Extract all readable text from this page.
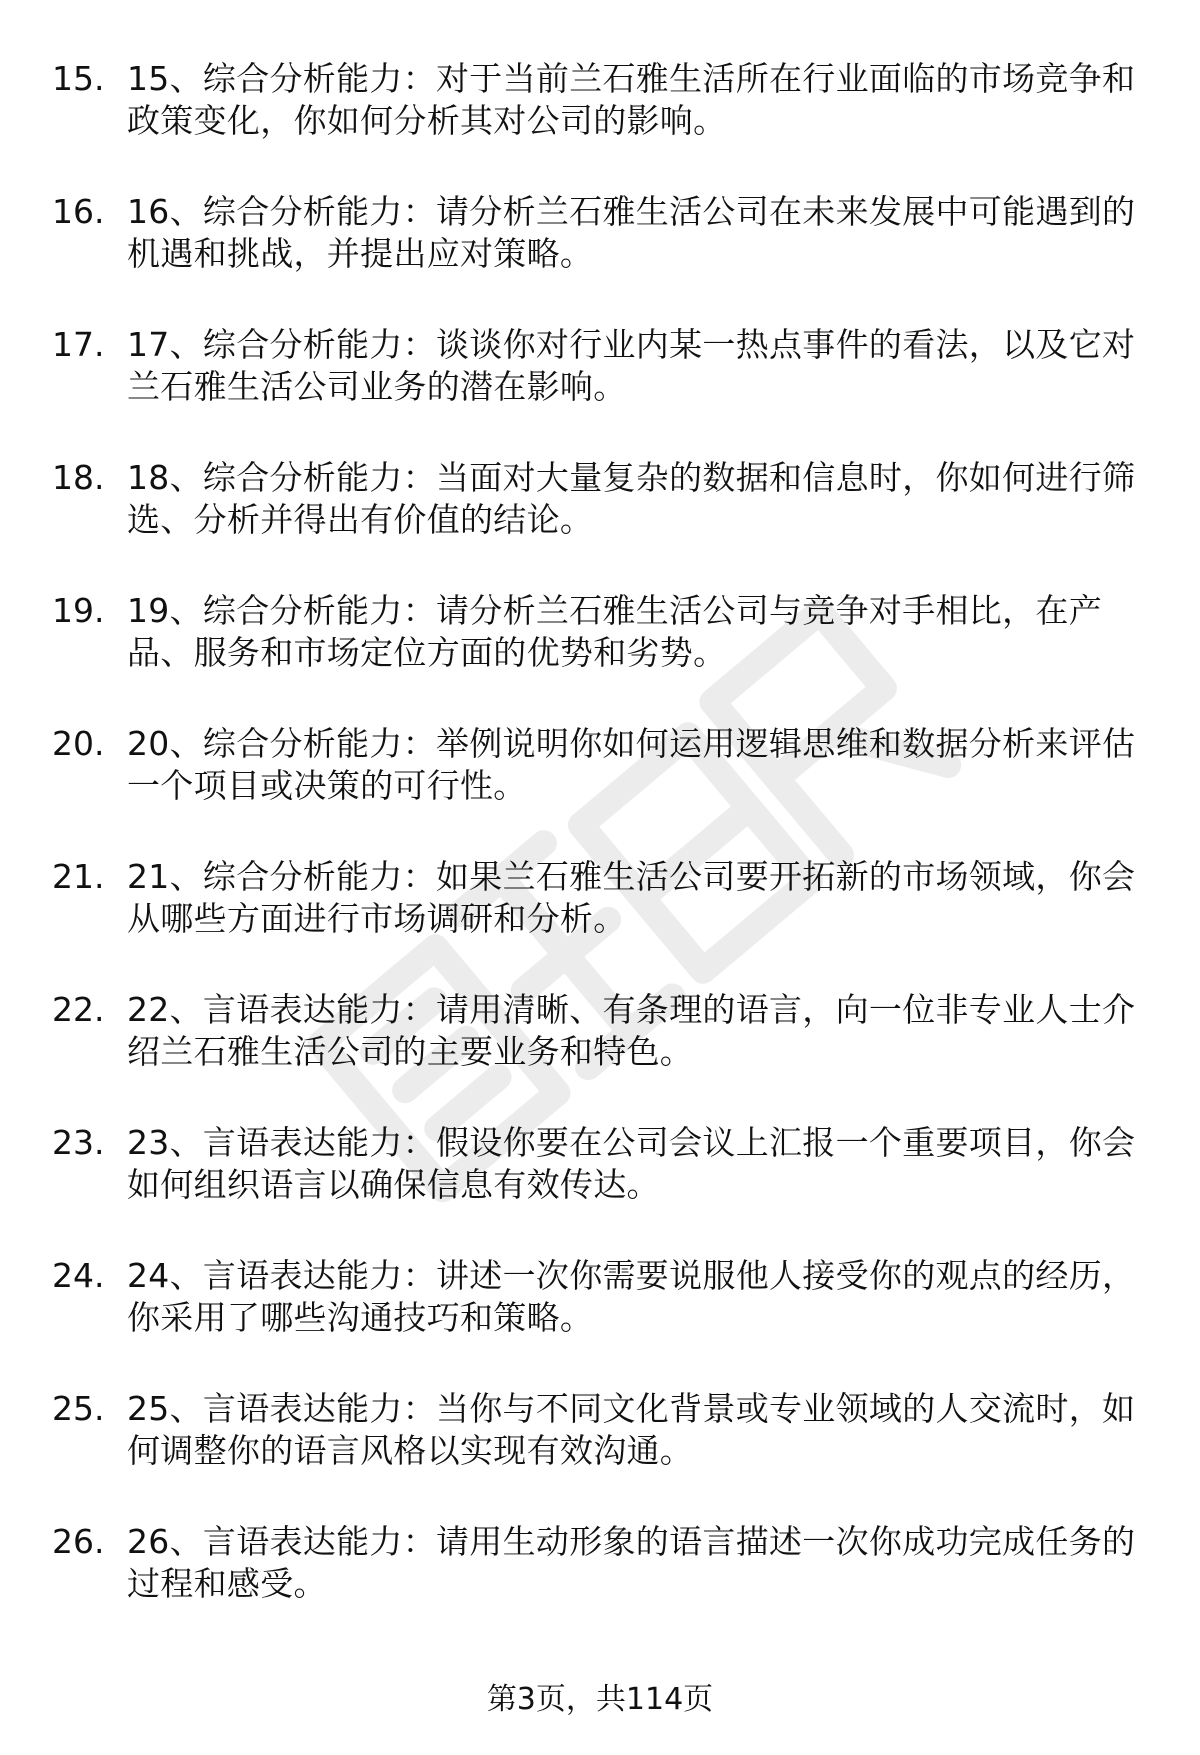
15. 15、综合分析能力：对于当前兰石雅生活所在行业面临的市场竞争和政策变化，你如何分析其对公司的影响。
16. 16、综合分析能力：请分析兰石雅生活公司在未来发展中可能遇到的机遇和挑战，并提出应对策略。
17. 17、综合分析能力：谈谈你对行业内某一热点事件的看法，以及它对兰石雅生活公司业务的潜在影响。
18. 18、综合分析能力：当面对大量复杂的数据和信息时，你如何进行筛选、分析并得出有价值的结论。
19. 19、综合分析能力：请分析兰石雅生活公司与竞争对手相比，在产品、服务和市场定位方面的优势和劣势。
20. 20、综合分析能力：举例说明你如何运用逻辑思维和数据分析来评估一个项目或决策的可行性。
21. 21、综合分析能力：如果兰石雅生活公司要开拓新的市场领域，你会从哪些方面进行市场调研和分析。
22. 22、言语表达能力：请用清晰、有条理的语言，向一位非专业人士介绍兰石雅生活公司的主要业务和特色。
23. 23、言语表达能力：假设你要在公司会议上汇报一个重要项目，你会如何组织语言以确保信息有效传达。
24. 24、言语表达能力：讲述一次你需要说服他人接受你的观点的经历，你采用了哪些沟通技巧和策略。
25. 25、言语表达能力：当你与不同文化背景或专业领域的人交流时，如何调整你的语言风格以实现有效沟通。
26. 26、言语表达能力：请用生动形象的语言描述一次你成功完成任务的过程和感受。
第3页，共114页
